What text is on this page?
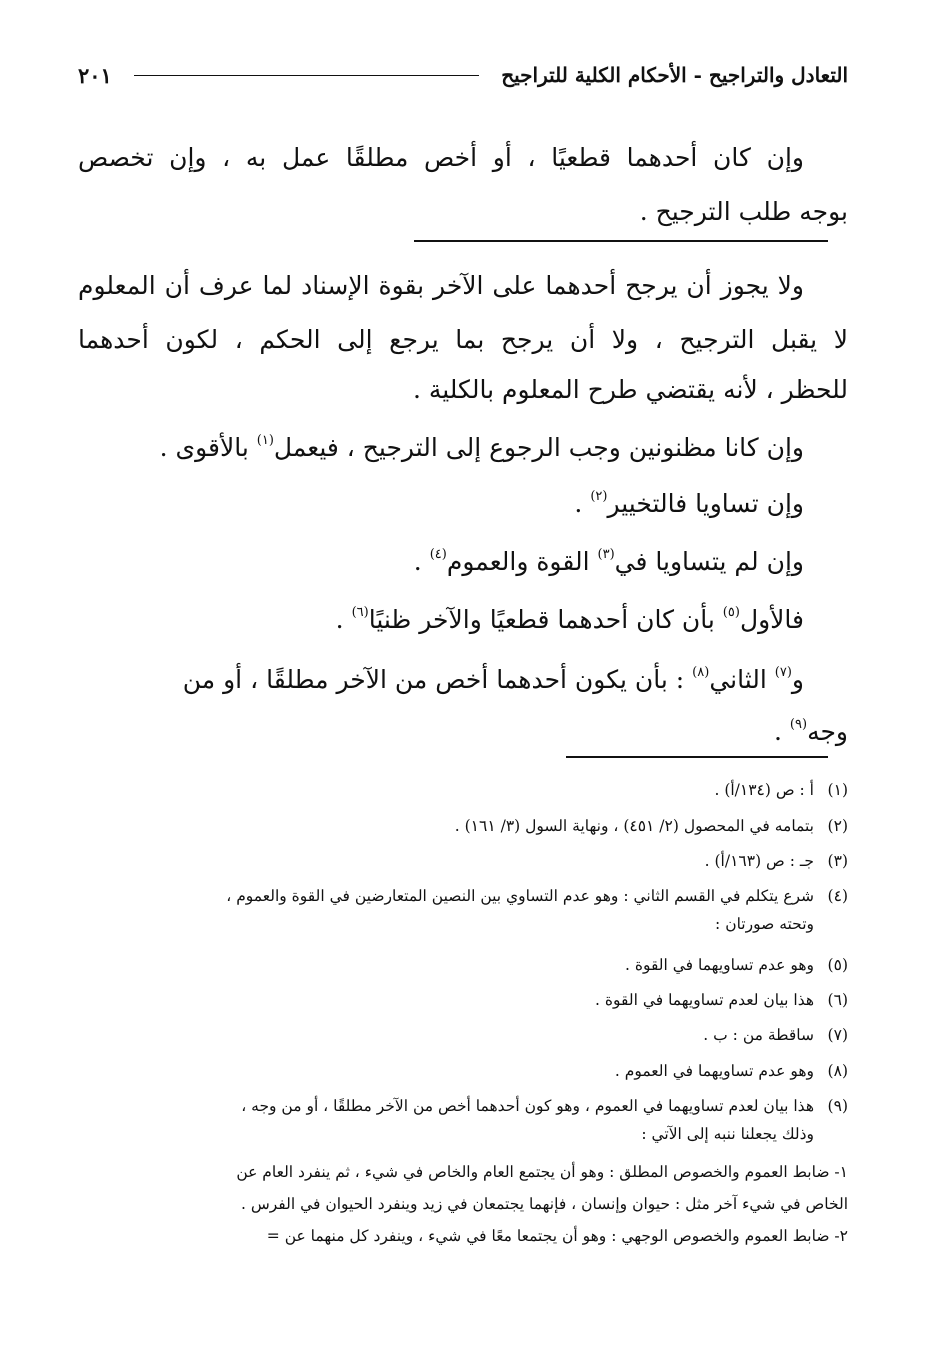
التعادل والتراجيح - الأحكام الكلية للتراجيح
٢٠١
وإن كان أحدهما قطعيًا ، أو أخص مطلقًا عمل به ، وإن تخصص
بوجه طلب الترجيح .
ولا يجوز أن يرجح أحدهما على الآخر بقوة الإسناد لما عرف أن المعلوم
لا يقبل الترجيح ، ولا أن يرجح بما يرجع إلى الحكم ، لكون أحدهما
للحظر ، لأنه يقتضي طرح المعلوم بالكلية .
وإن كانا مظنونين وجب الرجوع إلى الترجيح ، فيعمل$^{(١)}$ بالأقوى .
وإن تساويا فالتخيير$^{(٢)}$ .
وإن لم يتساويا في$^{(٣)}$ القوة والعموم$^{(٤)}$ .
فالأول$^{(٥)}$ بأن كان أحدهما قطعيًا والآخر ظنيًا$^{(٦)}$ .
و$^{(٧)}$ الثاني$^{(٨)}$ : بأن يكون أحدهما أخص من الآخر مطلقًا ، أو من
وجه$^{(٩)}$ .
(١)أ : ص (١٣٤/أ) .
(٢)بتمامه في المحصول (٢/ ٤٥١) ، ونهاية السول (٣/ ١٦١) .
(٣)جـ : ص (١٦٣/أ) .
(٤)شرع يتكلم في القسم الثاني : وهو عدم التساوي بين النصين المتعارضين في القوة والعموم ،
وتحته صورتان :
(٥)وهو عدم تساويهما في القوة .
(٦)هذا بيان لعدم تساويهما في القوة .
(٧)ساقطة من : ب .
(٨)وهو عدم تساويهما في العموم .
(٩)هذا بيان لعدم تساويهما في العموم ، وهو كون أحدهما أخص من الآخر مطلقًا ، أو من وجه ،
وذلك يجعلنا ننبه إلى الآتي :
١- ضابط العموم والخصوص المطلق : وهو أن يجتمع العام والخاص في شيء ، ثم ينفرد العام عن
الخاص في شيء آخر مثل : حيوان وإنسان ، فإنهما يجتمعان في زيد وينفرد الحيوان في الفرس .
٢- ضابط العموم والخصوص الوجهي : وهو أن يجتمعا معًا في شيء ، وينفرد كل منهما عن =
